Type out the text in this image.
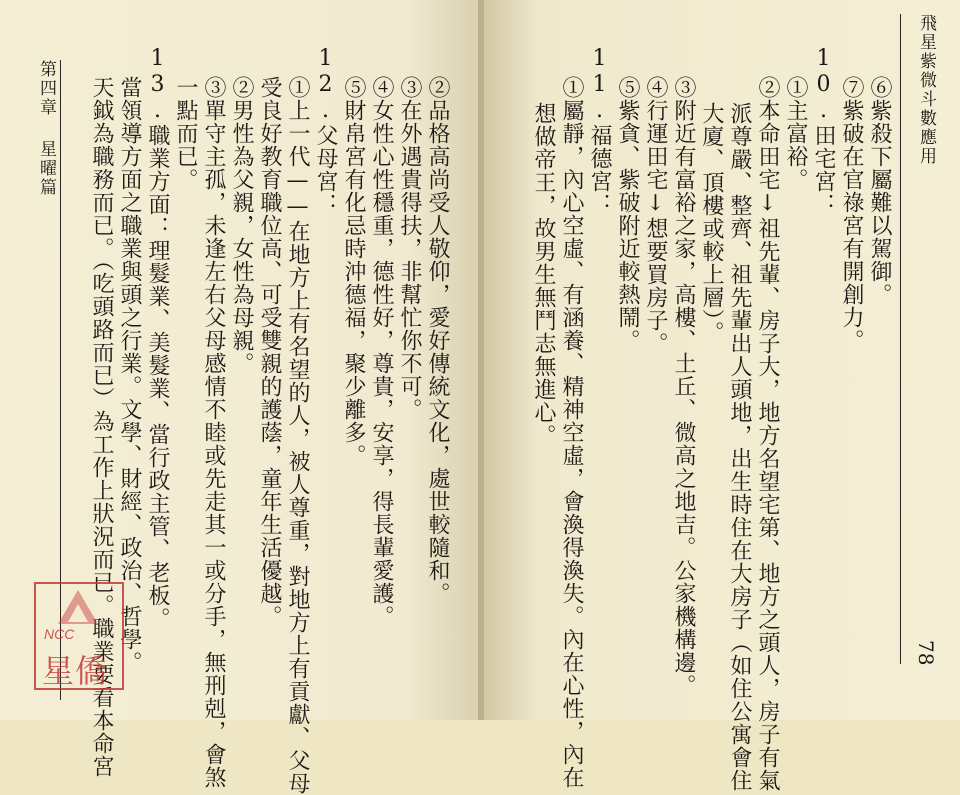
飛星紫微斗數應用
78
⑥紫殺下屬難以駕御。
⑦紫破在官祿宮有開創力。
10.田宅宮：
①主富裕。
②本命田宅↓祖先輩、房子大，地方名望宅第、地方之頭人，房子有氣
派尊嚴、整齊、祖先輩出人頭地，出生時住在大房子（如住公寓會住
大廈、頂樓或較上層）。
③附近有富裕之家，高樓、土丘、微高之地吉。公家機構邊。
④行運田宅↓想要買房子。
⑤紫貪、紫破附近較熱鬧。
11.福德宮：
①屬靜，內心空虛、有涵養、精神空虛，會渙得渙失。內在心性，內在
想做帝王，故男生無鬥志無進心。
第四章
星曜篇	②品格高尚受人敬仰，愛好傳統文化，處世較隨和。
③在外遇貴得扶，非幫忙你不可。
④女性心性穩重，德性好，尊貴，安享，得長輩愛護。
⑤財帛宮有化忌時沖德福，聚少離多。
12.父母宮：
①上一代——在地方上有名望的人，被人尊重，對地方上有貢獻、父母
受良好教育職位高、可受雙親的護蔭，童年生活優越。
②男性為父親，女性為母親。
③單守主孤，未逢左右父母感情不睦或先走其一或分手，無刑剋，會煞
一點而已。
13.職業方面：理髮業、美髮業、當行政主管、老板。
當領導方面之職業與頭之行業。文學、財經、政治、哲學。
天鉞為職務而已。（吃頭路而已）為工作上狀況而已。職業要看本命宮
NCC
星僑
